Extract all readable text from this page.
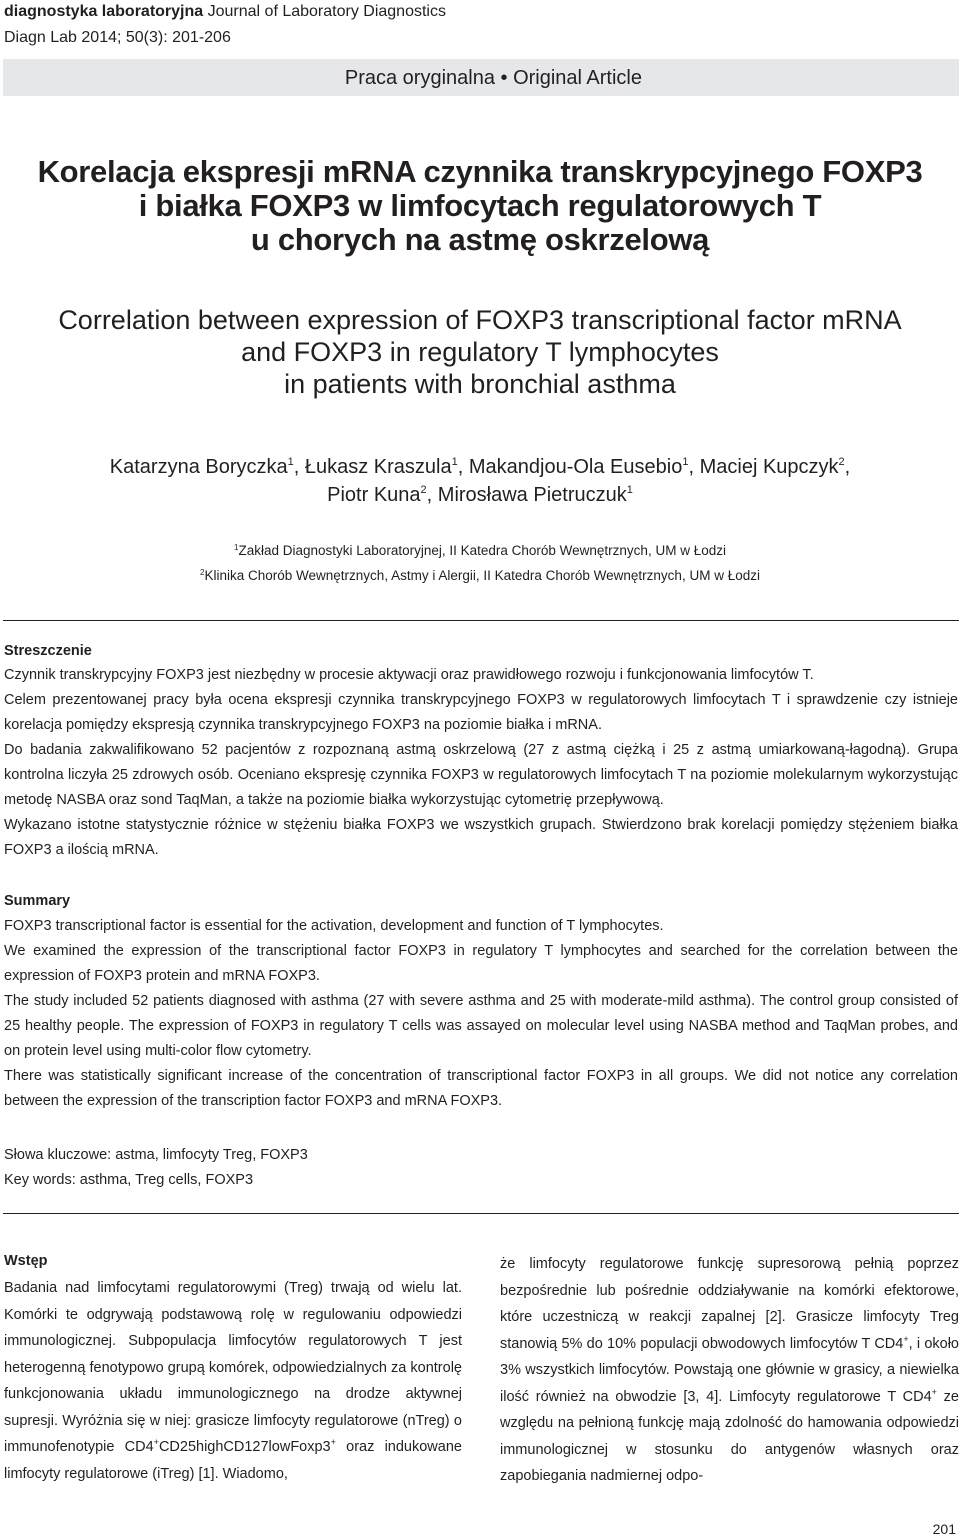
diagnostyka laboratoryjna Journal of Laboratory Diagnostics
Diagn Lab 2014; 50(3): 201-206
Praca oryginalna • Original Article
Korelacja ekspresji mRNA czynnika transkrypcyjnego FOXP3
i białka FOXP3 w limfocytach regulatorowych T
u chorych na astmę oskrzelową
Correlation between expression of FOXP3 transcriptional factor mRNA
and FOXP3 in regulatory T lymphocytes
in patients with bronchial asthma
Katarzyna Boryczka$^1$, Łukasz Kraszula$^1$, Makandjou-Ola Eusebio$^1$, Maciej Kupczyk$^2$,
Piotr Kuna$^2$, Mirosława Pietruczuk$^1$
$^1$Zakład Diagnostyki Laboratoryjnej, II Katedra Chorób Wewnętrznych, UM w Łodzi
$^2$Klinika Chorób Wewnętrznych, Astmy i Alergii, II Katedra Chorób Wewnętrznych, UM w Łodzi
Streszczenie

Czynnik transkrypcyjny FOXP3 jest niezbędny w procesie aktywacji oraz prawidłowego rozwoju i funkcjonowania limfocytów T.

Celem prezentowanej pracy była ocena ekspresji czynnika transkrypcyjnego FOXP3 w regulatorowych limfocytach T i sprawdzenie czy istnieje korelacja pomiędzy ekspresją czynnika transkrypcyjnego FOXP3 na poziomie białka i mRNA.

Do badania zakwalifikowano 52 pacjentów z rozpoznaną astmą oskrzelową (27 z astmą ciężką i 25 z astmą umiarkowaną-łagodną). Grupa kontrolna liczyła 25 zdrowych osób. Oceniano ekspresję czynnika FOXP3 w regulatorowych limfocytach T na poziomie molekularnym wykorzystując metodę NASBA oraz sond TaqMan, a także na poziomie białka wykorzystując cytometrię przepływową.

Wykazano istotne statystycznie różnice w stężeniu białka FOXP3 we wszystkich grupach. Stwierdzono brak korelacji pomiędzy stężeniem białka FOXP3 a ilością mRNA.

Summary

FOXP3 transcriptional factor is essential for the activation, development and function of T lymphocytes.

We examined the expression of the transcriptional factor FOXP3 in regulatory T lymphocytes and searched for the correlation between the expression of FOXP3 protein and mRNA FOXP3.

The study included 52 patients diagnosed with asthma (27 with severe asthma and 25 with moderate-mild asthma). The control group consisted of 25 healthy people. The expression of FOXP3 in regulatory T cells was assayed on molecular level using NASBA method and TaqMan probes, and on protein level using multi-color flow cytometry.

There was statistically significant increase of the concentration of transcriptional factor FOXP3 in all groups. We did not notice any correlation between the expression of the transcription factor FOXP3 and mRNA FOXP3.

Słowa kluczowe: astma, limfocyty Treg, FOXP3
Key words: asthma, Treg cells, FOXP3
Wstęp

Badania nad limfocytami regulatorowymi (Treg) trwają od wielu lat. Komórki te odgrywają podstawową rolę w regulowaniu odpowiedzi immunologicznej. Subpopulacja limfocytów regulatorowych T jest heterogenną fenotypowo grupą komórek, odpowiedzialnych za kontrolę funkcjonowania układu immunologicznego na drodze aktywnej supresji. Wyróżnia się w niej: grasicze limfocyty regulatorowe (nTreg) o immunofenotypie CD4+CD25highCD127lowFoxp3+ oraz indukowane limfocyty regulatorowe (iTreg) [1]. Wiadomo,

że limfocyty regulatorowe funkcję supresorową pełnią poprzez bezpośrednie lub pośrednie oddziaływanie na komórki efektorowe, które uczestniczą w reakcji zapalnej [2]. Grasicze limfocyty Treg stanowią 5% do 10% populacji obwodowych limfocytów T CD4+, i około 3% wszystkich limfocytów. Powstają one głównie w grasicy, a niewielka ilość również na obwodzie [3, 4]. Limfocyty regulatorowe T CD4+ ze względu na pełnioną funkcję mają zdolność do hamowania odpowiedzi immunologicznej w stosunku do antygenów własnych oraz zapobiegania nadmiernej odpo-

201
